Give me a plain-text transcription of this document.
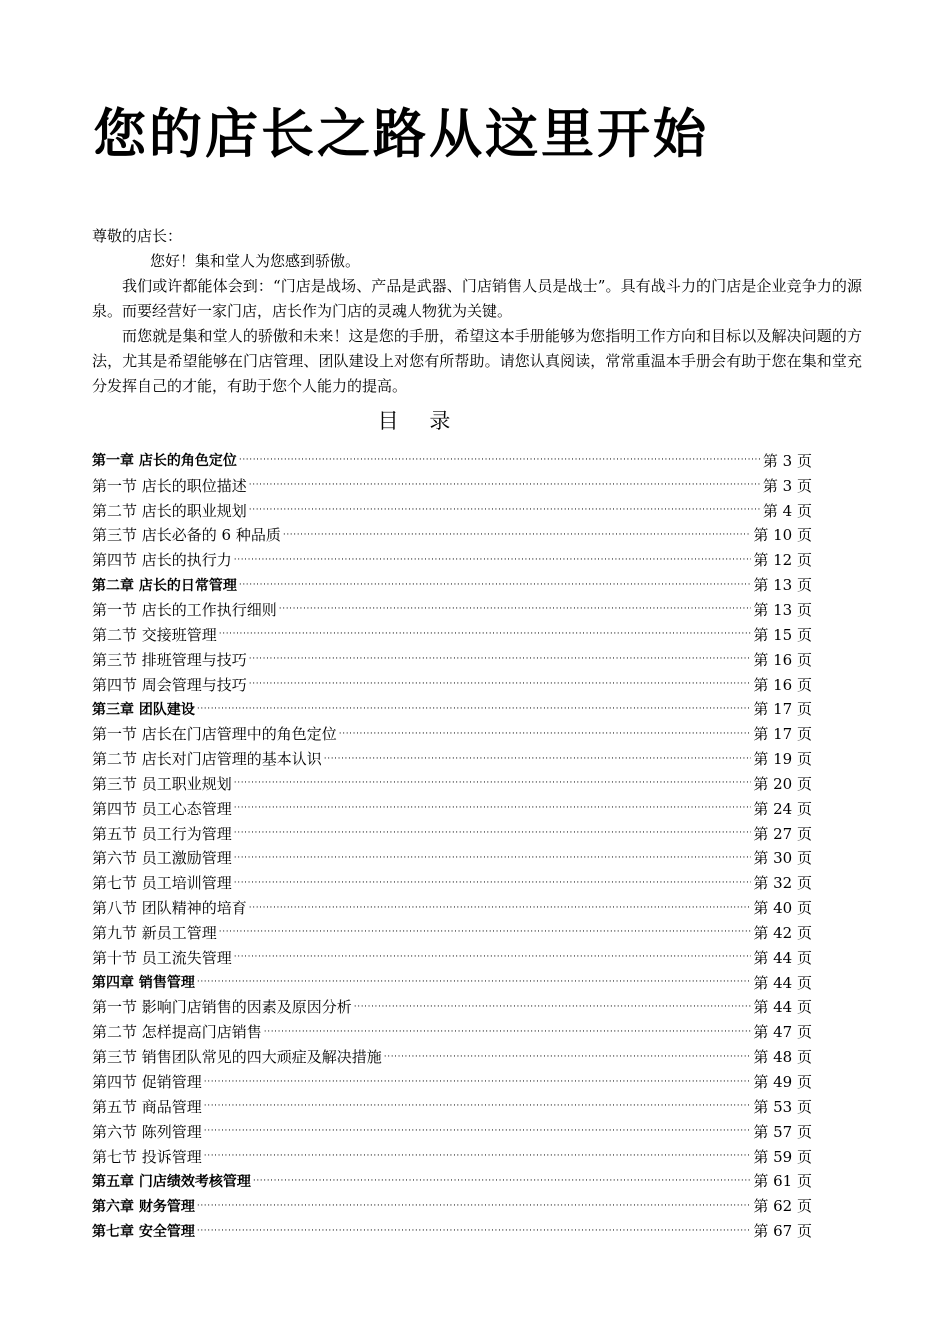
您的店长之路从这里开始

尊敬的店长：

您好！集和堂人为您感到骄傲。

我们或许都能体会到：“门店是战场、产品是武器、门店销售人员是战士”。具有战斗力的门店是企业竞争力的源泉。而要经营好一家门店，店长作为门店的灵魂人物犹为关键。

而您就是集和堂人的骄傲和未来！这是您的手册，希望这本手册能够为您指明工作方向和目标以及解决问题的方法，尤其是希望能够在门店管理、团队建设上对您有所帮助。请您认真阅读，常常重温本手册会有助于您在集和堂充分发挥自己的才能，有助于您个人能力的提高。

目 录
第一章 店长的角色定位 ·····	第 3 页
第一节 店长的职位描述 ·····	第 3 页
第二节 店长的职业规划 ·····	第 4 页
第三节 店长必备的 6 种品质 ·····	第 10 页
第四节 店长的执行力 ·····	第 12 页
第二章 店长的日常管理 ·····	第 13 页
第一节 店长的工作执行细则 ·····	第 13 页
第二节 交接班管理 ·····	第 15 页
第三节 排班管理与技巧 ·····	第 16 页
第四节 周会管理与技巧 ·····	第 16 页
第三章 团队建设 ·····	第 17 页
第一节 店长在门店管理中的角色定位 ·····	第 17 页
第二节 店长对门店管理的基本认识 ·····	第 19 页
第三节 员工职业规划 ·····	第 20 页
第四节 员工心态管理 ·····	第 24 页
第五节 员工行为管理 ·····	第 27 页
第六节 员工激励管理 ·····	第 30 页
第七节 员工培训管理 ·····	第 32 页
第八节 团队精神的培育 ·····	第 40 页
第九节 新员工管理 ·····	第 42 页
第十节 员工流失管理 ·····	第 44 页
第四章 销售管理 ·····	第 44 页
第一节 影响门店销售的因素及原因分析 ·····	第 44 页
第二节 怎样提高门店销售 ·····	第 47 页
第三节 销售团队常见的四大顽症及解决措施 ·····	第 48 页
第四节 促销管理 ·····	第 49 页
第五节 商品管理 ·····	第 53 页
第六节 陈列管理 ·····	第 57 页
第七节 投诉管理 ·····	第 59 页
第五章 门店绩效考核管理 ·····	第 61 页
第六章 财务管理 ·····	第 62 页
第七章 安全管理 ·····	第 67 页
